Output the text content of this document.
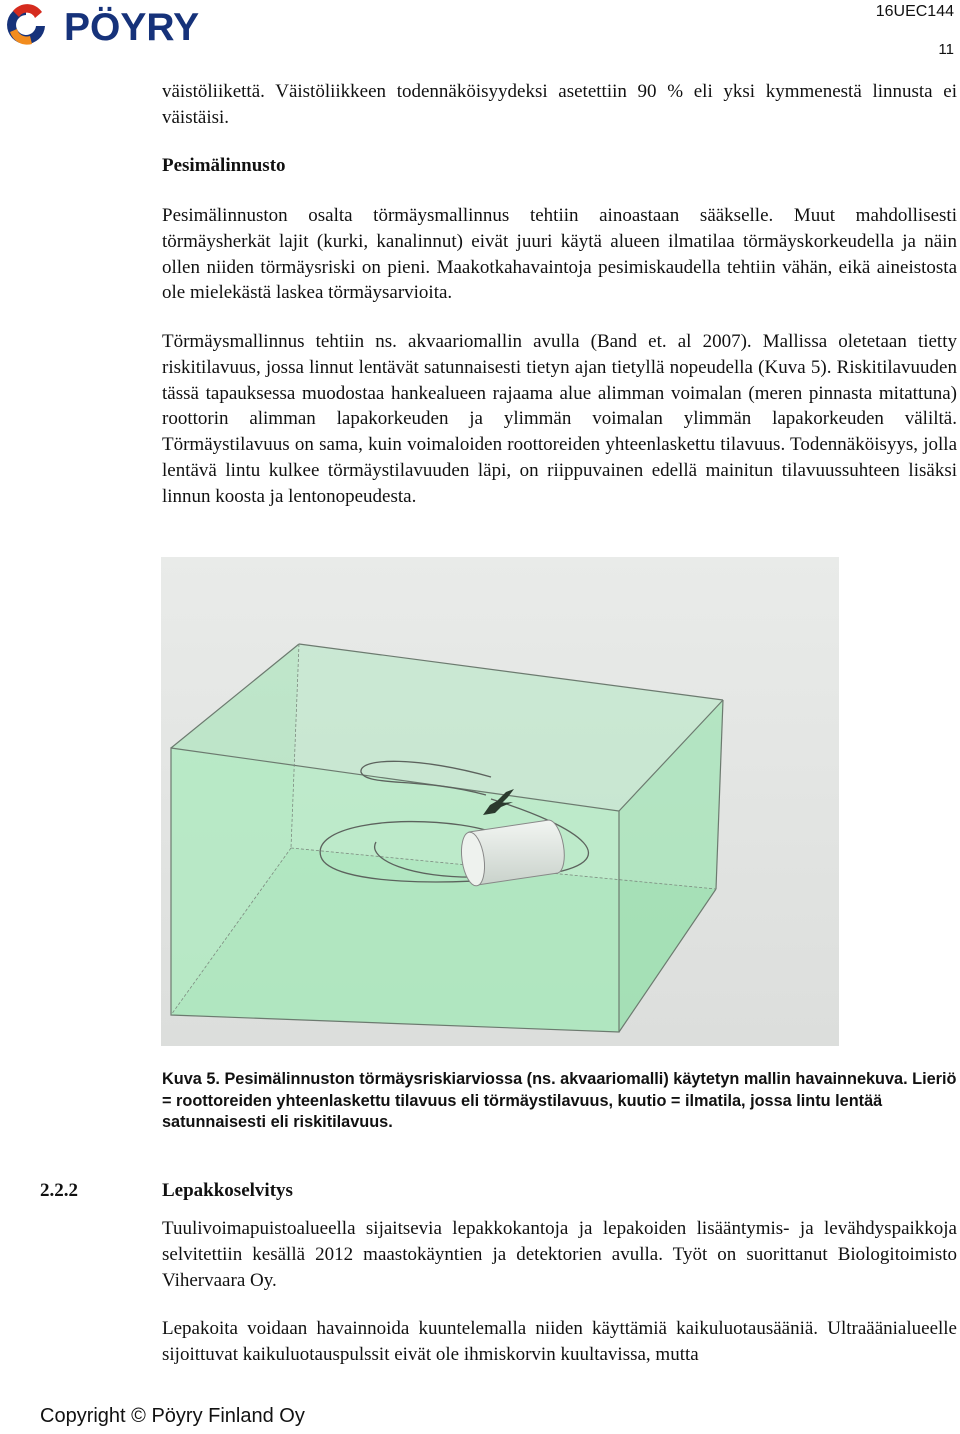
PÖYRY	16UEC144
11

väistöliikettä. Väistöliikkeen todennäköisyydeksi asetettiin 90 % eli yksi kymmenestä linnusta ei väistäisi.

Pesimälinnusto

Pesimälinnuston osalta törmäysmallinnus tehtiin ainoastaan sääkselle. Muut mahdollisesti törmäysherkät lajit (kurki, kanalinnut) eivät juuri käytä alueen ilmatilaa törmäyskorkeudella ja näin ollen niiden törmäysriski on pieni. Maakotkahavaintoja pesimiskaudella tehtiin vähän, eikä aineistosta ole mielekästä laskea törmäysarvioita.

Törmäysmallinnus tehtiin ns. akvaariomallin avulla (Band et. al 2007). Mallissa oletetaan tietty riskitilavuus, jossa linnut lentävät satunnaisesti tietyn ajan tietyllä nopeudella (Kuva 5). Riskitilavuuden tässä tapauksessa muodostaa hankealueen rajaama alue alimman voimalan (meren pinnasta mitattuna) roottorin alimman lapakorkeuden ja ylimmän voimalan ylimmän lapakorkeuden väliltä. Törmäystilavuus on sama, kuin voimaloiden roottoreiden yhteenlaskettu tilavuus. Todennäköisyys, jolla lentävä lintu kulkee törmäystilavuuden läpi, on riippuvainen edellä mainitun tilavuussuhteen lisäksi linnun koosta ja lentonopeudesta.

Kuva 5. Pesimälinnuston törmäysriskiarviossa (ns. akvaariomalli) käytetyn mallin havainnekuva. Lieriö = roottoreiden yhteenlaskettu tilavuus eli törmäystilavuus, kuutio = ilmatila, jossa lintu lentää satunnaisesti eli riskitilavuus.

2.2.2	Lepakkoselvitys

Tuulivoimapuistoalueella sijaitsevia lepakkokantoja ja lepakoiden lisääntymis- ja levähdyspaikkoja selvitettiin kesällä 2012 maastokäyntien ja detektorien avulla. Työt on suorittanut Biologitoimisto Vihervaara Oy.

Lepakoita voidaan havainnoida kuuntelemalla niiden käyttämiä kaikuluotausääniä. Ultraäänialueelle sijoittuvat kaikuluotauspulssit eivät ole ihmiskorvin kuultavissa, mutta

Copyright © Pöyry Finland Oy
